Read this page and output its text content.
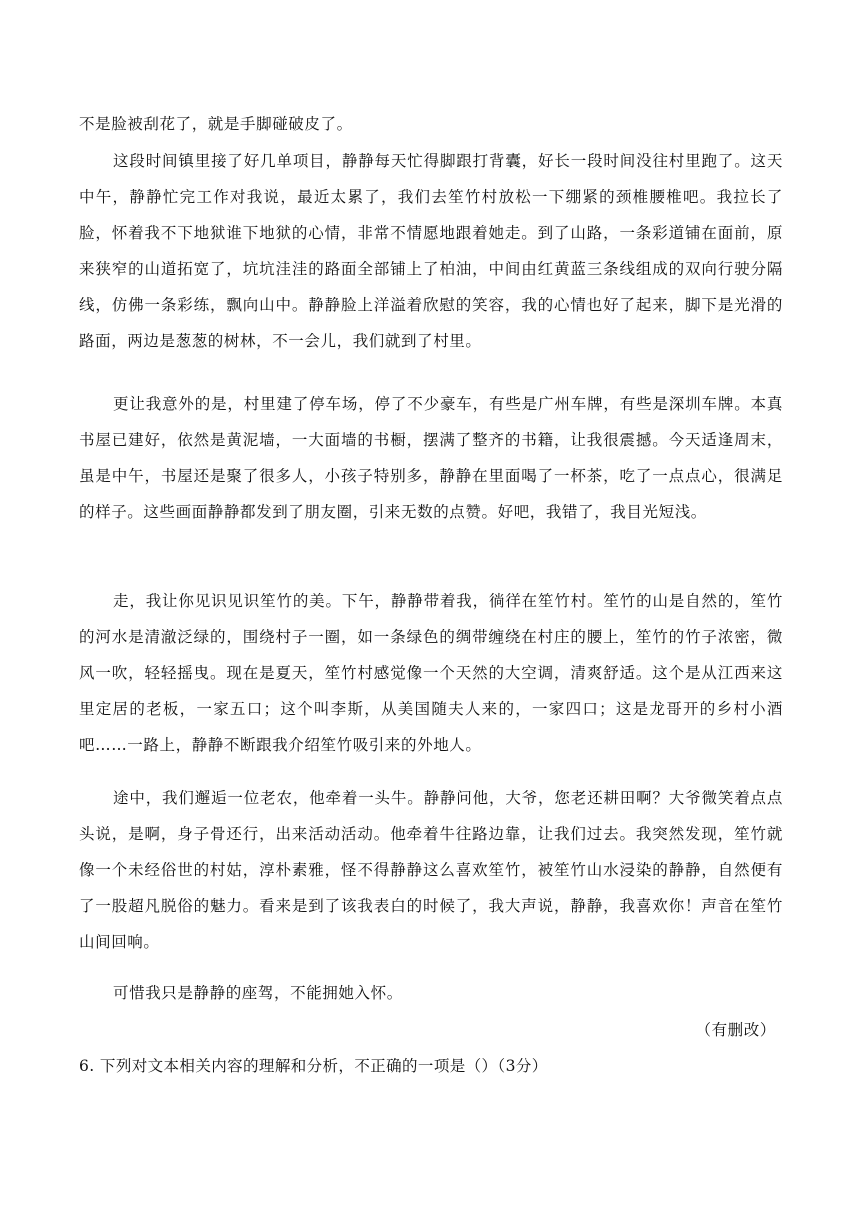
不是脸被刮花了，就是手脚碰破皮了。

这段时间镇里接了好几单项目，静静每天忙得脚跟打背囊，好长一段时间没往村里跑了。这天中午，静静忙完工作对我说，最近太累了，我们去笙竹村放松一下绷紧的颈椎腰椎吧。我拉长了脸，怀着我不下地狱谁下地狱的心情，非常不情愿地跟着她走。到了山路，一条彩道铺在面前，原来狭窄的山道拓宽了，坑坑洼洼的路面全部铺上了柏油，中间由红黄蓝三条线组成的双向行驶分隔线，仿佛一条彩练，飘向山中。静静脸上洋溢着欣慰的笑容，我的心情也好了起来，脚下是光滑的路面，两边是葱葱的树林，不一会儿，我们就到了村里。

更让我意外的是，村里建了停车场，停了不少豪车，有些是广州车牌，有些是深圳车牌。本真书屋已建好，依然是黄泥墙，一大面墙的书橱，摆满了整齐的书籍，让我很震撼。今天适逢周末，虽是中午，书屋还是聚了很多人，小孩子特别多，静静在里面喝了一杯茶，吃了一点点心，很满足的样子。这些画面静静都发到了朋友圈，引来无数的点赞。好吧，我错了，我目光短浅。

走，我让你见识见识笙竹的美。下午，静静带着我，徜徉在笙竹村。笙竹的山是自然的，笙竹的河水是清澈泛绿的，围绕村子一圈，如一条绿色的绸带缠绕在村庄的腰上，笙竹的竹子浓密，微风一吹，轻轻摇曳。现在是夏天，笙竹村感觉像一个天然的大空调，清爽舒适。这个是从江西来这里定居的老板，一家五口；这个叫李斯，从美国随夫人来的，一家四口；这是龙哥开的乡村小酒吧……一路上，静静不断跟我介绍笙竹吸引来的外地人。

途中，我们邂逅一位老农，他牵着一头牛。静静问他，大爷，您老还耕田啊？大爷微笑着点点头说，是啊，身子骨还行，出来活动活动。他牵着牛往路边靠，让我们过去。我突然发现，笙竹就像一个未经俗世的村姑，淳朴素雅，怪不得静静这么喜欢笙竹，被笙竹山水浸染的静静，自然便有了一股超凡脱俗的魅力。看来是到了该我表白的时候了，我大声说，静静，我喜欢你！声音在笙竹山间回响。

可惜我只是静静的座驾，不能拥她入怀。

（有删改）

6. 下列对文本相关内容的理解和分析，不正确的一项是（）（3分）
